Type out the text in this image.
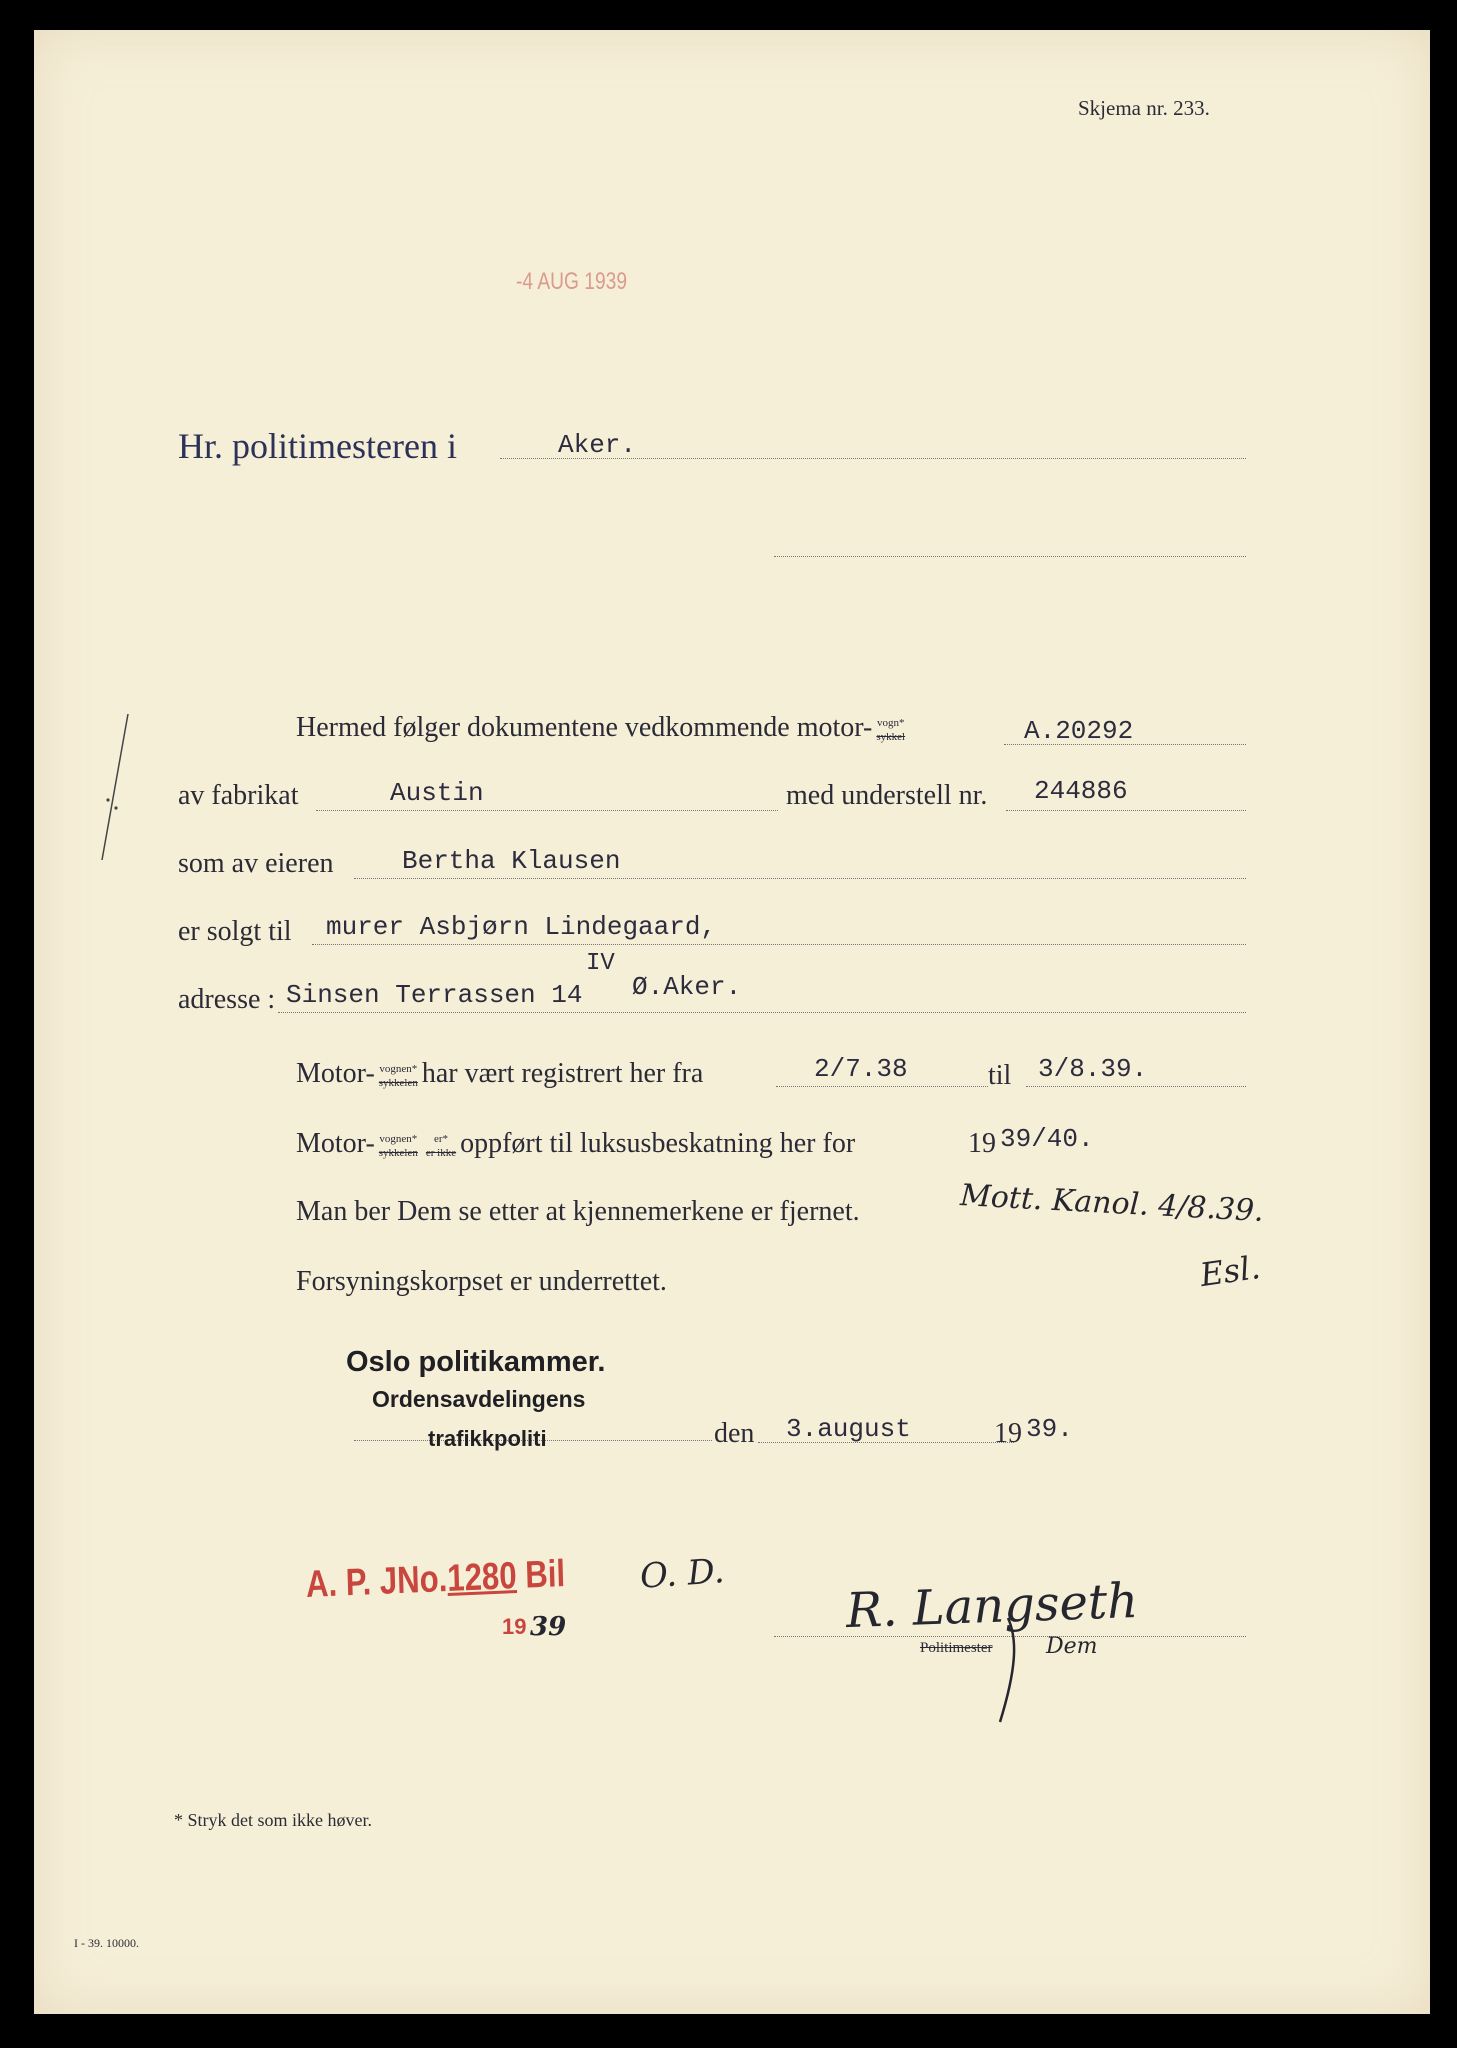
Skjema nr. 233.
-4 AUG 1939
Hr. politimesteren i	Aker.
Hermed følger dokumentene vedkommende motor- vogn*
sykkel	A.20292
av fabrikat	Austin	med understell nr. 244886
som av eieren	Bertha Klausen
er solgt til murer Asbjørn Lindegaard,
adresse : Sinsen Terrassen 14
IV
Ø.Aker.
Motor- vognen*
sykkelen har vært registrert her fra	2/7.38	til 3/8.39.
Motor- vognen*
sykkelen
er*
er ikke oppført til luksusbeskatning her for	19 39/40.
Man ber Dem se etter at kjennemerkene er fjernet.	Mott. Kanol. 4/8.39.
Esl.
Forsyningskorpset er underrettet.
Oslo politikammer.
Ordensavdelingens
trafikkpoliti	den 3.august	19 39.
A. P. JNo.1280 Bil O. D.
19 39	R. Langseth
Politimester Dem
* Stryk det som ikke høver.
I - 39. 10000.
